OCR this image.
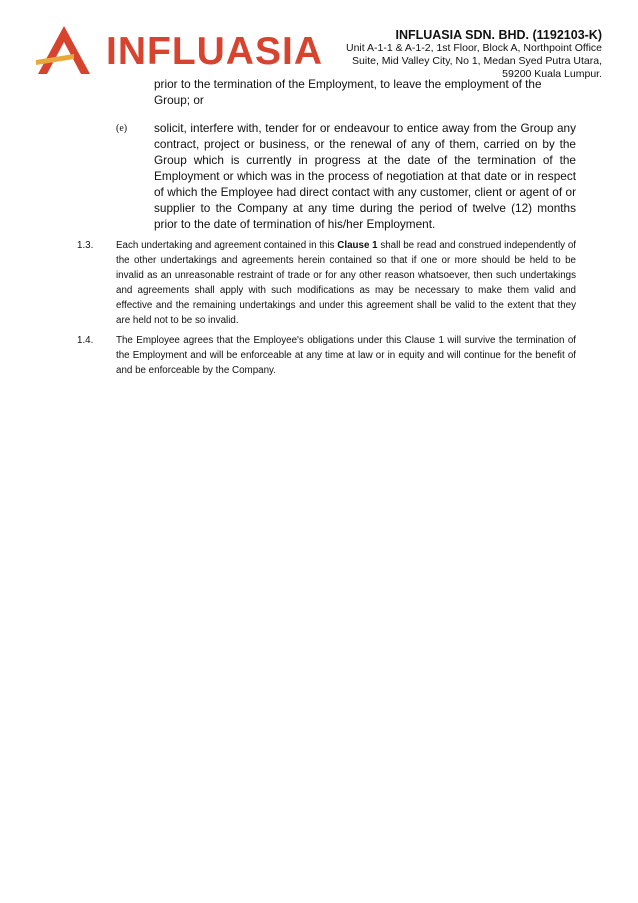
INFLUASIA	INFLUASIA SDN. BHD. (1192103-K)
Unit A-1-1 & A-1-2, 1st Floor, Block A, Northpoint Office
Suite, Mid Valley City, No 1, Medan Syed Putra Utara,
59200 Kuala Lumpur.
prior to the termination of the Employment, to leave the employment of the Group; or
(e) solicit, interfere with, tender for or endeavour to entice away from the Group any contract, project or business, or the renewal of any of them, carried on by the Group which is currently in progress at the date of the termination of the Employment or which was in the process of negotiation at that date or in respect of which the Employee had direct contact with any customer, client or agent of or supplier to the Company at any time during the period of twelve (12) months prior to the date of termination of his/her Employment.
1.3. Each undertaking and agreement contained in this Clause 1 shall be read and construed independently of the other undertakings and agreements herein contained so that if one or more should be held to be invalid as an unreasonable restraint of trade or for any other reason whatsoever, then such undertakings and agreements shall apply with such modifications as may be necessary to make them valid and effective and the remaining undertakings and under this agreement shall be valid to the extent that they are held not to be so invalid.
1.4. The Employee agrees that the Employee's obligations under this Clause 1 will survive the termination of the Employment and will be enforceable at any time at law or in equity and will continue for the benefit of and be enforceable by the Company.
